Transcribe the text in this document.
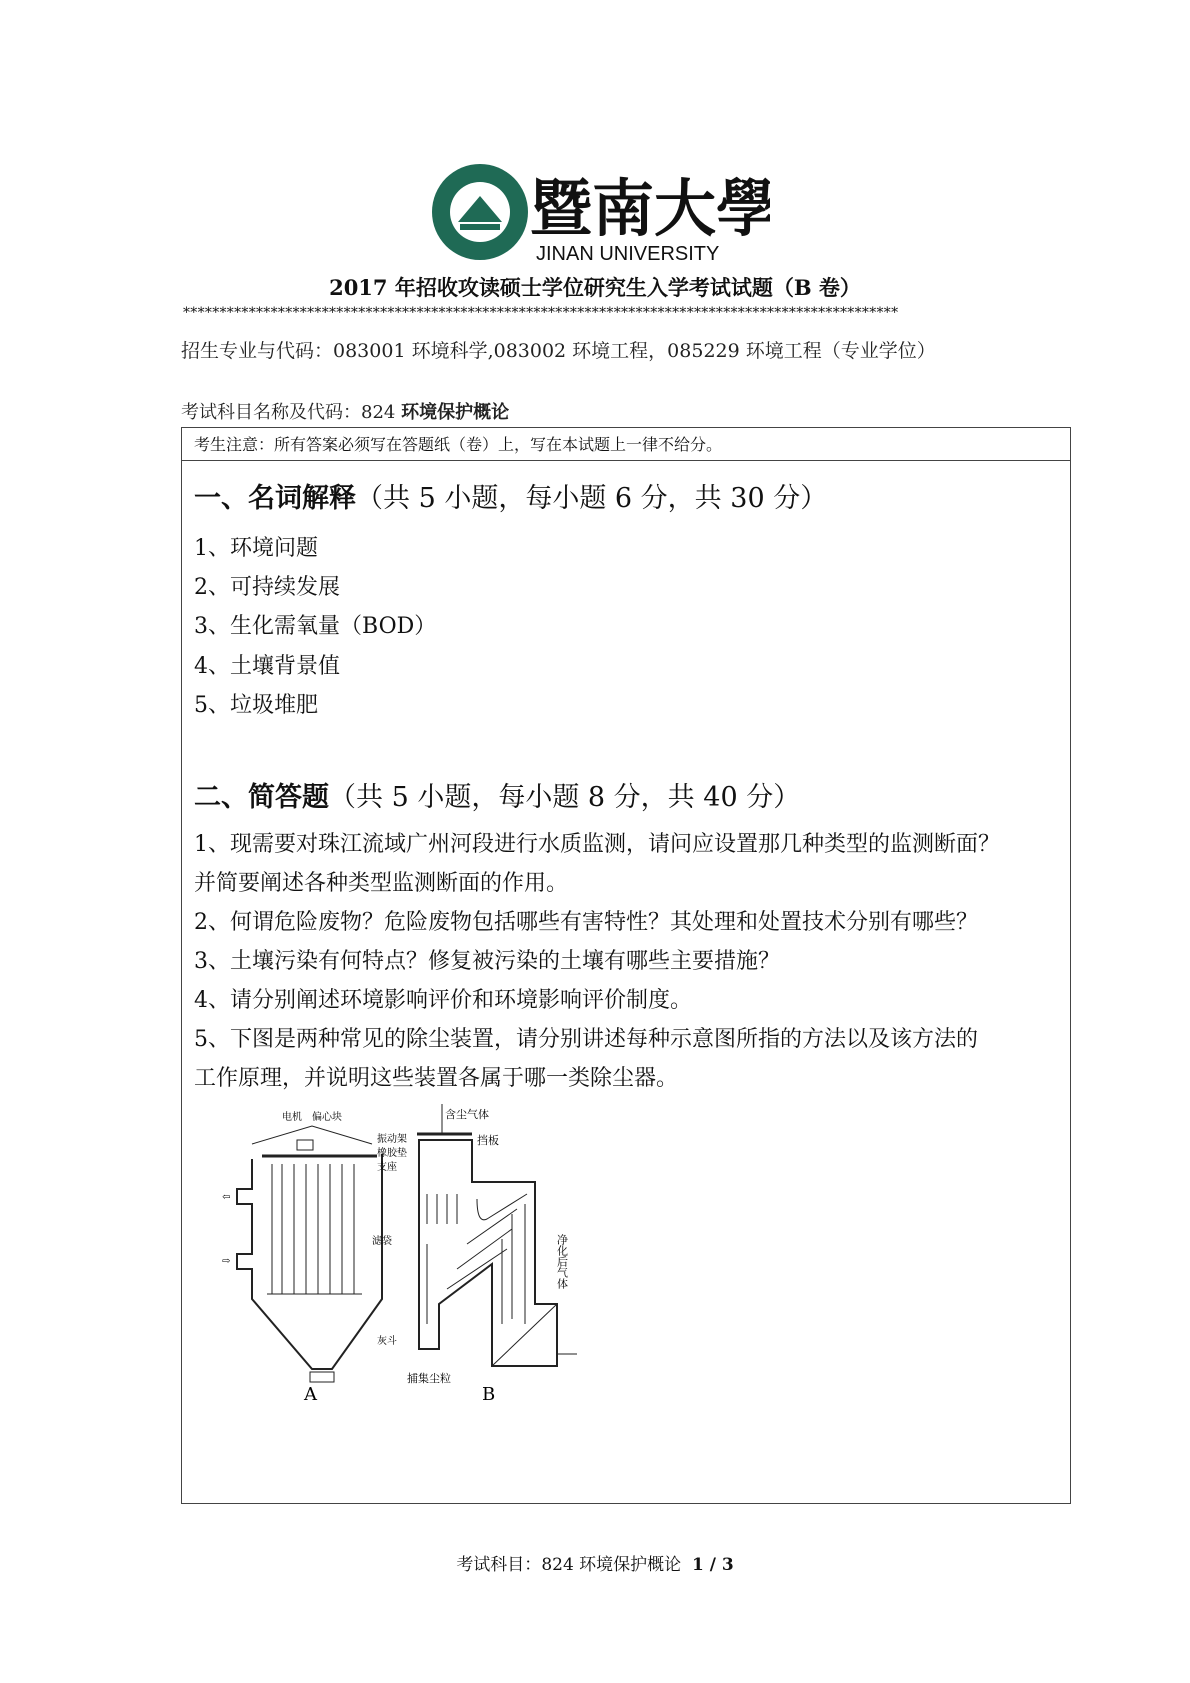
暨南大學
JINAN UNIVERSITY
2017 年招收攻读硕士学位研究生入学考试试题（B 卷）
**************************************************************************************************
招生专业与代码：083001 环境科学,083002 环境工程，085229 环境工程（专业学位）
考试科目名称及代码：824 环境保护概论
考生注意：所有答案必须写在答题纸（卷）上，写在本试题上一律不给分。
一、名词解释（共 5 小题，每小题 6 分，共 30 分）
1、环境问题
2、可持续发展
3、生化需氧量（BOD）
4、土壤背景值
5、垃圾堆肥
二、简答题（共 5 小题，每小题 8 分，共 40 分）
1、现需要对珠江流域广州河段进行水质监测，请问应设置那几种类型的监测断面？
并简要阐述各种类型监测断面的作用。
2、何谓危险废物？危险废物包括哪些有害特性？其处理和处置技术分别有哪些？
3、土壤污染有何特点？修复被污染的土壤有哪些主要措施？
4、请分别阐述环境影响评价和环境影响评价制度。
5、下图是两种常见的除尘装置，请分别讲述每种示意图所指的方法以及该方法的
工作原理，并说明这些装置各属于哪一类除尘器。
⇦
⇨
电机 偏心块
振动架
橡胶垫
支座
滤袋
灰斗
A
含尘气体
挡板
净化后气体
捕集尘粒
B
考试科目：824 环境保护概论 1 / 3
